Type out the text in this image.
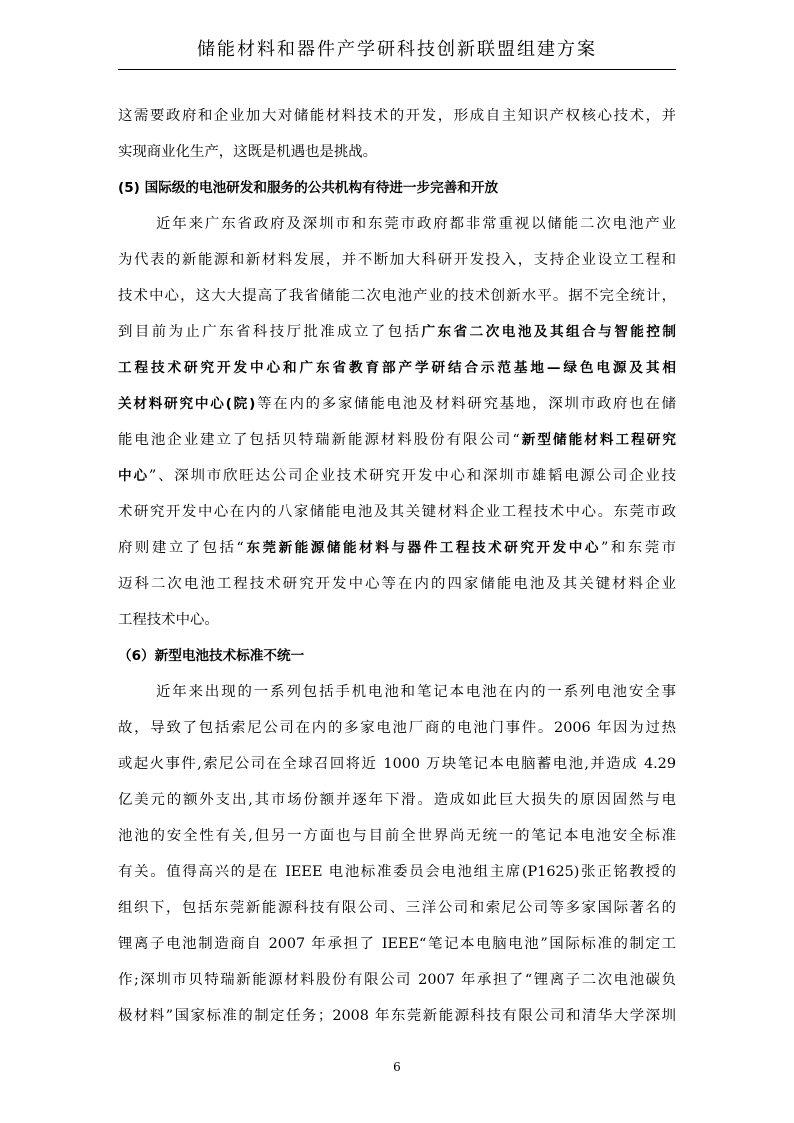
储能材料和器件产学研科技创新联盟组建方案
这需要政府和企业加大对储能材料技术的开发，形成自主知识产权核心技术，并
实现商业化生产，这既是机遇也是挑战。
(5) 国际级的电池研发和服务的公共机构有待进一步完善和开放
近年来广东省政府及深圳市和东莞市政府都非常重视以储能二次电池产业
为代表的新能源和新材料发展，并不断加大科研开发投入，支持企业设立工程和
技术中心，这大大提高了我省储能二次电池产业的技术创新水平。据不完全统计，
到目前为止广东省科技厅批准成立了包括广东省二次电池及其组合与智能控制
工程技术研究开发中心和广东省教育部产学研结合示范基地—绿色电源及其相
关材料研究中心(院)等在内的多家储能电池及材料研究基地，深圳市政府也在储
能电池企业建立了包括贝特瑞新能源材料股份有限公司“新型储能材料工程研究
中心”、深圳市欣旺达公司企业技术研究开发中心和深圳市雄韬电源公司企业技
术研究开发中心在内的八家储能电池及其关键材料企业工程技术中心。东莞市政
府则建立了包括“东莞新能源储能材料与器件工程技术研究开发中心”和东莞市
迈科二次电池工程技术研究开发中心等在内的四家储能电池及其关键材料企业
工程技术中心。
（6）新型电池技术标准不统一
近年来出现的一系列包括手机电池和笔记本电池在内的一系列电池安全事
故，导致了包括索尼公司在内的多家电池厂商的电池门事件。2006 年因为过热
或起火事件,索尼公司在全球召回将近 1000 万块笔记本电脑蓄电池,并造成 4.29
亿美元的额外支出,其市场份额并逐年下滑。造成如此巨大损失的原因固然与电
池池的安全性有关,但另一方面也与目前全世界尚无统一的笔记本电池安全标准
有关。值得高兴的是在 IEEE 电池标准委员会电池组主席(P1625)张正铭教授的
组织下，包括东莞新能源科技有限公司、三洋公司和索尼公司等多家国际著名的
锂离子电池制造商自 2007 年承担了 IEEE“笔记本电脑电池”国际标准的制定工
作;深圳市贝特瑞新能源材料股份有限公司 2007 年承担了“锂离子二次电池碳负
极材料”国家标准的制定任务；2008 年东莞新能源科技有限公司和清华大学深圳
6
